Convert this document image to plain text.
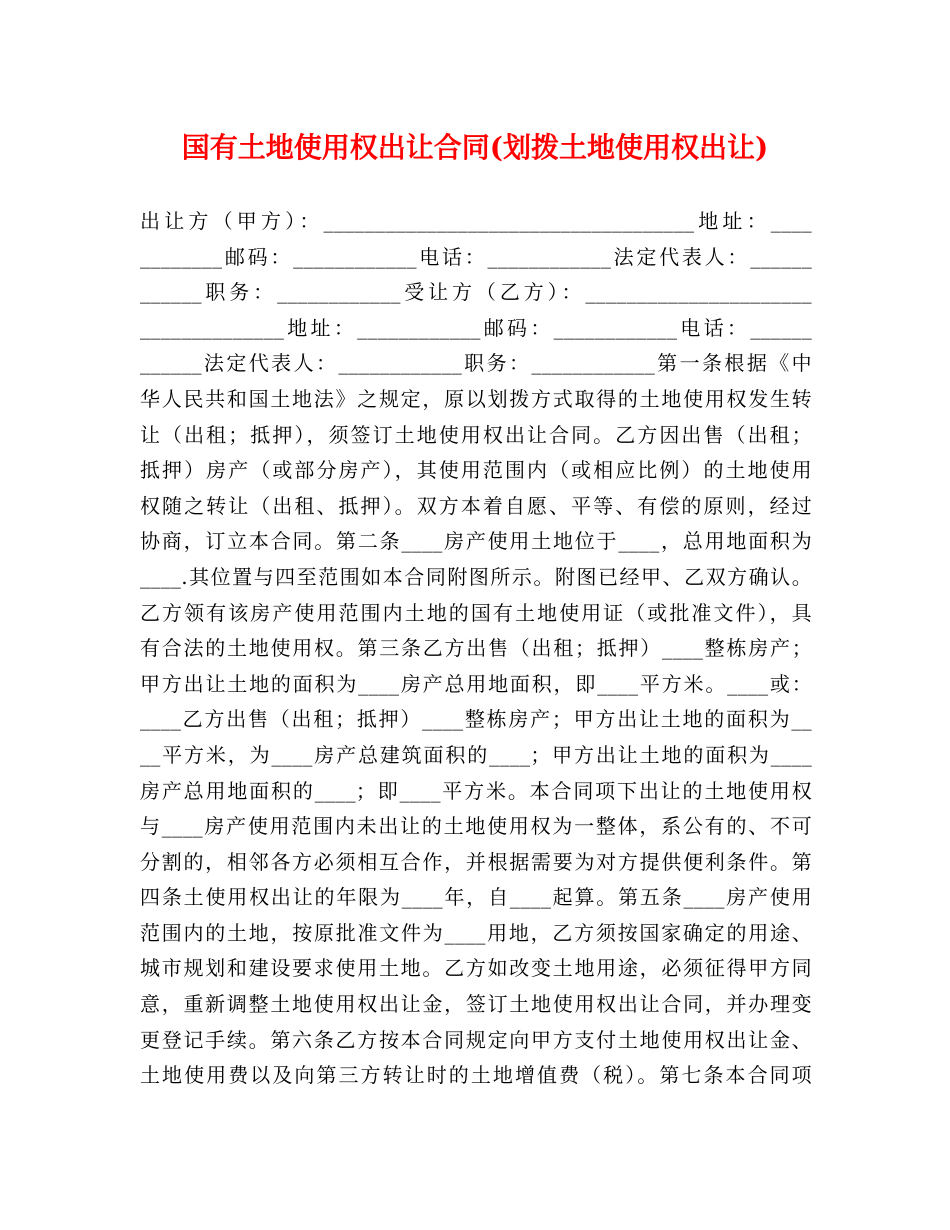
国有土地使用权出让合同(划拨土地使用权出让)
出让方（甲方）：____________________________________地址：____
________邮码：____________电话：____________法定代表人：______
______职务：____________受让方（乙方）：______________________
______________地址：____________邮码：____________电话：______
______法定代表人：____________职务：____________第一条根据《中
华人民共和国土地法》之规定，原以划拨方式取得的土地使用权发生转
让（出租；抵押），须签订土地使用权出让合同。乙方因出售（出租；
抵押）房产（或部分房产），其使用范围内（或相应比例）的土地使用
权随之转让（出租、抵押）。双方本着自愿、平等、有偿的原则，经过
协商，订立本合同。第二条____房产使用土地位于____，总用地面积为
____.其位置与四至范围如本合同附图所示。附图已经甲、乙双方确认。
乙方领有该房产使用范围内土地的国有土地使用证（或批准文件），具
有合法的土地使用权。第三条乙方出售（出租；抵押）____整栋房产；
甲方出让土地的面积为____房产总用地面积，即____平方米。____或：
____乙方出售（出租；抵押）____整栋房产；甲方出让土地的面积为__
__平方米，为____房产总建筑面积的____；甲方出让土地的面积为____
房产总用地面积的____；即____平方米。本合同项下出让的土地使用权
与____房产使用范围内未出让的土地使用权为一整体，系公有的、不可
分割的，相邻各方必须相互合作，并根据需要为对方提供便利条件。第
四条土使用权出让的年限为____年，自____起算。第五条____房产使用
范围内的土地，按原批准文件为____用地，乙方须按国家确定的用途、
城市规划和建设要求使用土地。乙方如改变土地用途，必须征得甲方同
意，重新调整土地使用权出让金，签订土地使用权出让合同，并办理变
更登记手续。第六条乙方按本合同规定向甲方支付土地使用权出让金、
土地使用费以及向第三方转让时的土地增值费（税）。第七条本合同项
